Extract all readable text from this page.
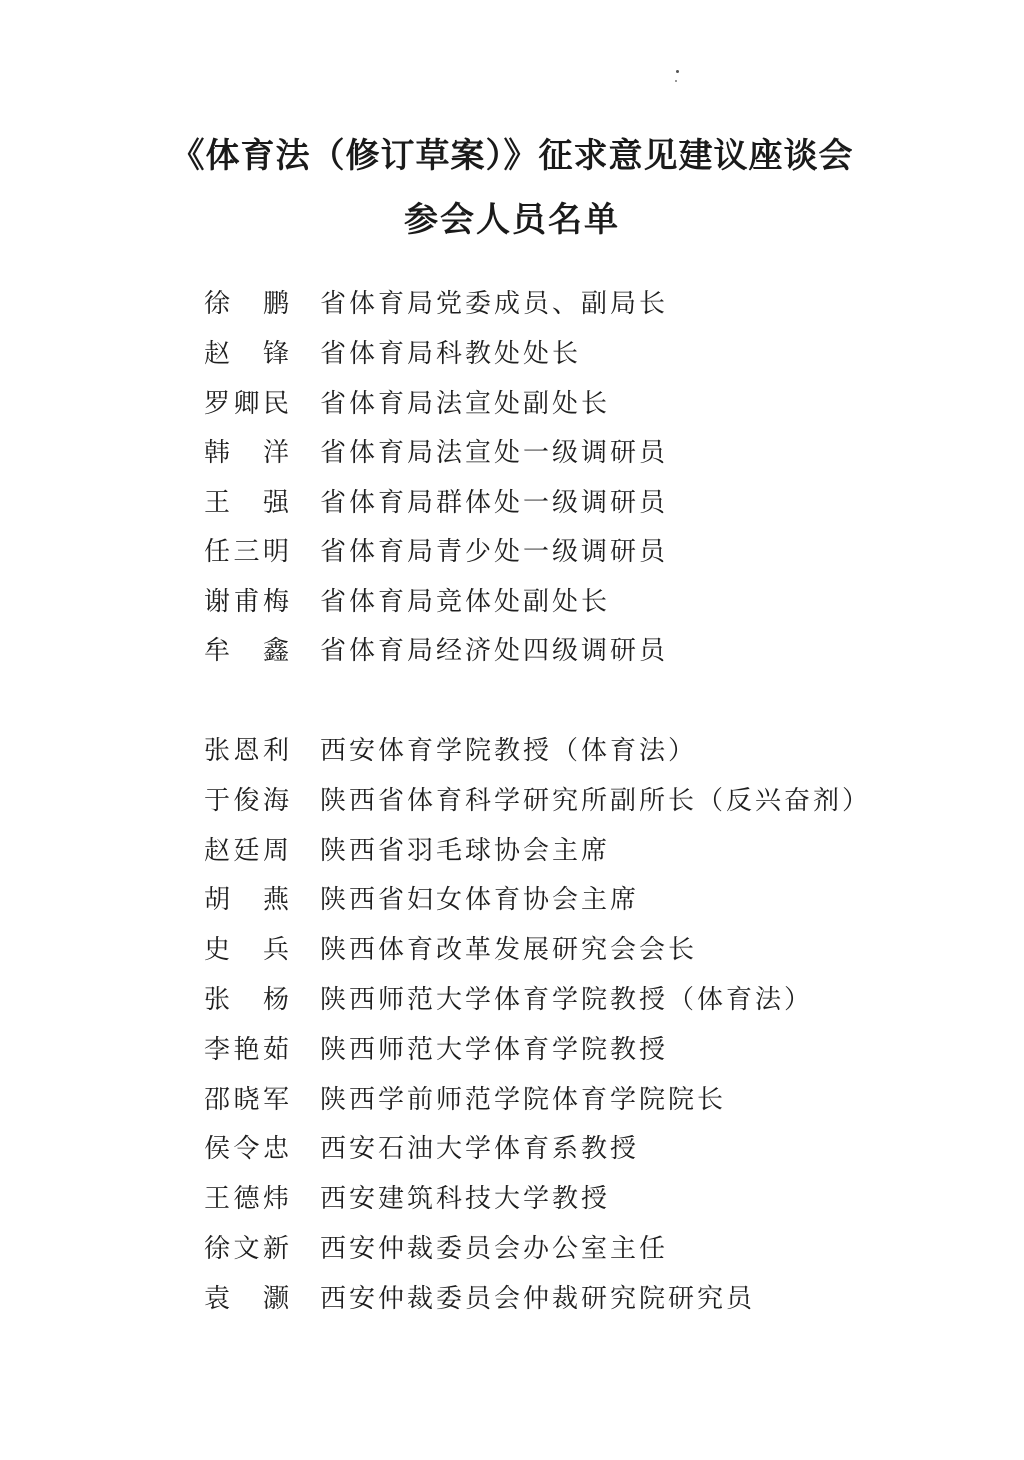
《体育法（修订草案）》征求意见建议座谈会
参会人员名单
徐 鹏 省体育局党委成员、副局长
赵 锋 省体育局科教处处长
罗卿民 省体育局法宣处副处长
韩 洋 省体育局法宣处一级调研员
王 强 省体育局群体处一级调研员
任三明 省体育局青少处一级调研员
谢甫梅 省体育局竞体处副处长
牟 鑫 省体育局经济处四级调研员
张恩利 西安体育学院教授（体育法）
于俊海 陕西省体育科学研究所副所长（反兴奋剂）
赵廷周 陕西省羽毛球协会主席
胡 燕 陕西省妇女体育协会主席
史 兵 陕西体育改革发展研究会会长
张 杨 陕西师范大学体育学院教授（体育法）
李艳茹 陕西师范大学体育学院教授
邵晓军 陕西学前师范学院体育学院院长
侯令忠 西安石油大学体育系教授
王德炜 西安建筑科技大学教授
徐文新 西安仲裁委员会办公室主任
袁 灏 西安仲裁委员会仲裁研究院研究员
